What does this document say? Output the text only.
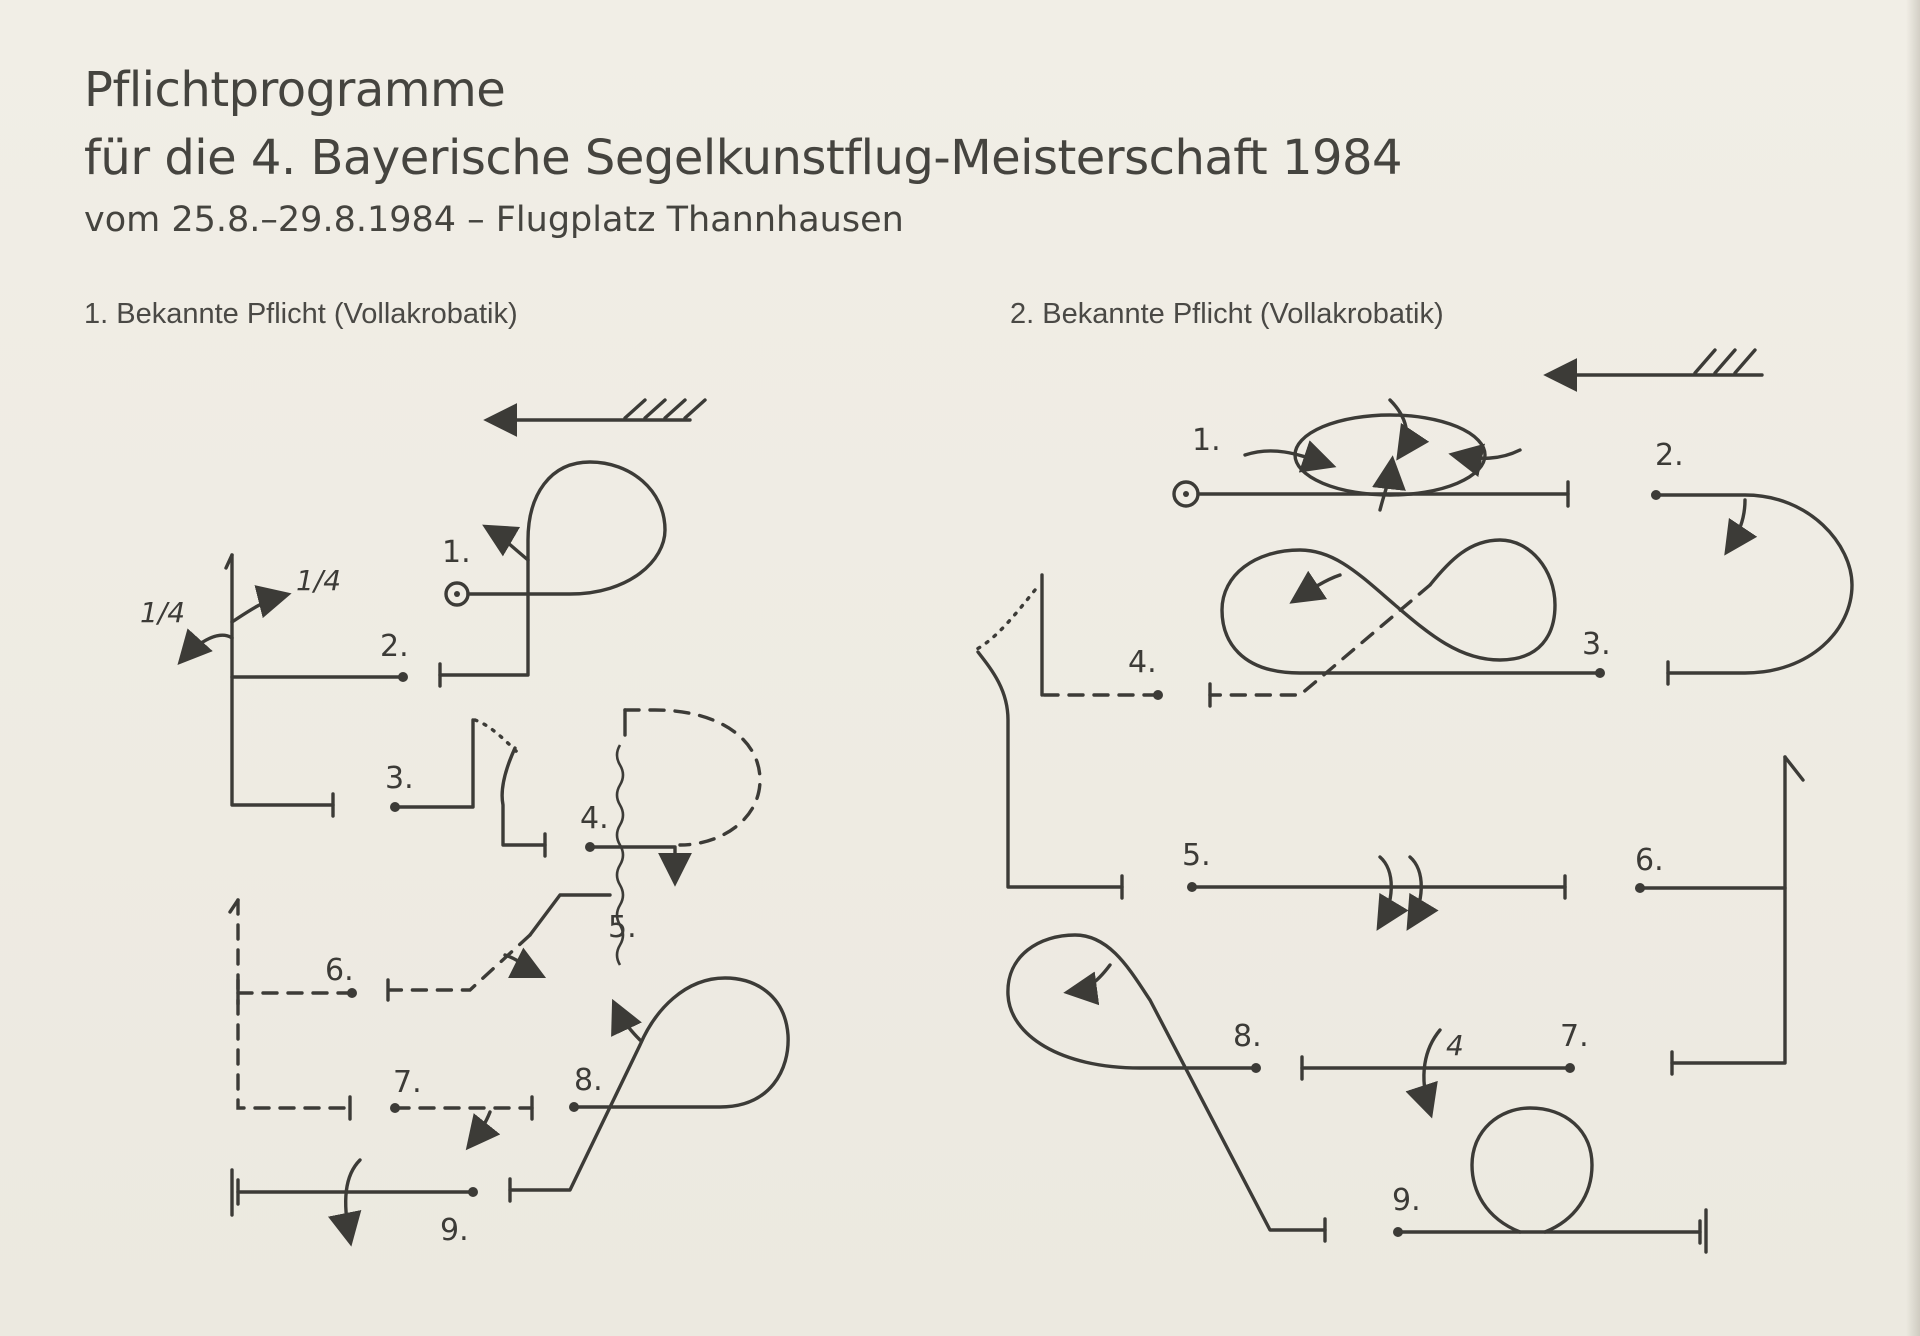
Pflichtprogramme
für die 4. Bayerische Segelkunstflug-Meisterschaft 1984
vom 25.8.–29.8.1984 – Flugplatz Thannhausen

1. Bekannte Pflicht (Vollakrobatik)	2. Bekannte Pflicht (Vollakrobatik)

1.
2.
3.
4.
5.
6.
7.	8.
9.
1/4
1/4
1.	2.
3.
4.
5.	6.
7.
8.
9.
4
